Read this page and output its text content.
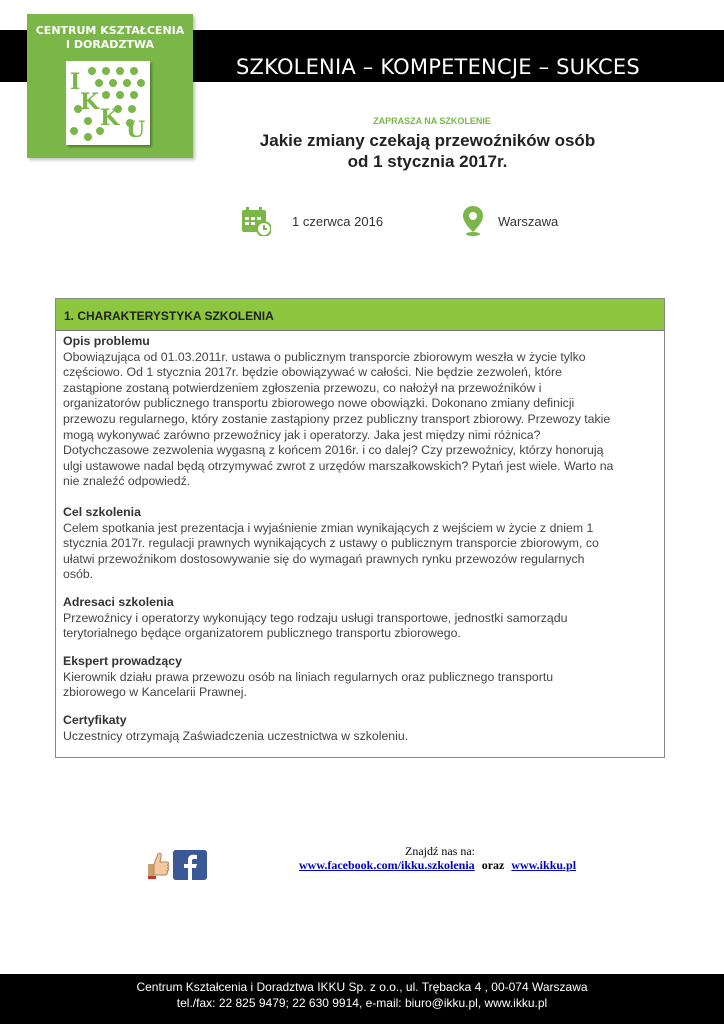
SZKOLENIA – KOMPETENCJE – SUKCES
CENTRUM KSZTAŁCENIA
I DORADZTWA
I
K
K U	ZAPRASZA NA SZKOLENIE
Jakie zmiany czekają przewoźników osób
od 1 stycznia 2017r.
1 czerwca 2016	Warszawa
1. CHARAKTERYSTYKA SZKOLENIA
Opis problemu
Obowiązująca od 01.03.2011r. ustawa o publicznym transporcie zbiorowym weszła w życie tylko
częściowo. Od 1 stycznia 2017r. będzie obowiązywać w całości. Nie będzie zezwoleń, które
zastąpione zostaną potwierdzeniem zgłoszenia przewozu, co nałożył na przewoźników i
organizatorów publicznego transportu zbiorowego nowe obowiązki. Dokonano zmiany definicji
przewozu regularnego, który zostanie zastąpiony przez publiczny transport zbiorowy. Przewozy takie
mogą wykonywać zarówno przewoźnicy jak i operatorzy. Jaka jest między nimi różnica?
Dotychczasowe zezwolenia wygasną z końcem 2016r. i co dalej? Czy przewoźnicy, którzy honorują
ulgi ustawowe nadal będą otrzymywać zwrot z urzędów marszałkowskich? Pytań jest wiele. Warto na
nie znaleźć odpowiedź.
Cel szkolenia
Celem spotkania jest prezentacja i wyjaśnienie zmian wynikających z wejściem w życie z dniem 1
stycznia 2017r. regulacji prawnych wynikających z ustawy o publicznym transporcie zbiorowym, co
ułatwi przewoźnikom dostosowywanie się do wymagań prawnych rynku przewozów regularnych
osób.
Adresaci szkolenia
Przewoźnicy i operatorzy wykonujący tego rodzaju usługi transportowe, jednostki samorządu
terytorialnego będące organizatorem publicznego transportu zbiorowego.
Ekspert prowadzący
Kierownik działu prawa przewozu osób na liniach regularnych oraz publicznego transportu
zbiorowego w Kancelarii Prawnej.
Certyfikaty
Uczestnicy otrzymają Zaświadczenia uczestnictwa w szkoleniu.
Znajdź nas na:
www.facebook.com/ikku.szkolenia oraz www.ikku.pl
Centrum Kształcenia i Doradztwa IKKU Sp. z o.o., ul. Trębacka 4 , 00-074 Warszawa
tel./fax: 22 825 9479; 22 630 9914, e-mail: biuro@ikku.pl, www.ikku.pl
